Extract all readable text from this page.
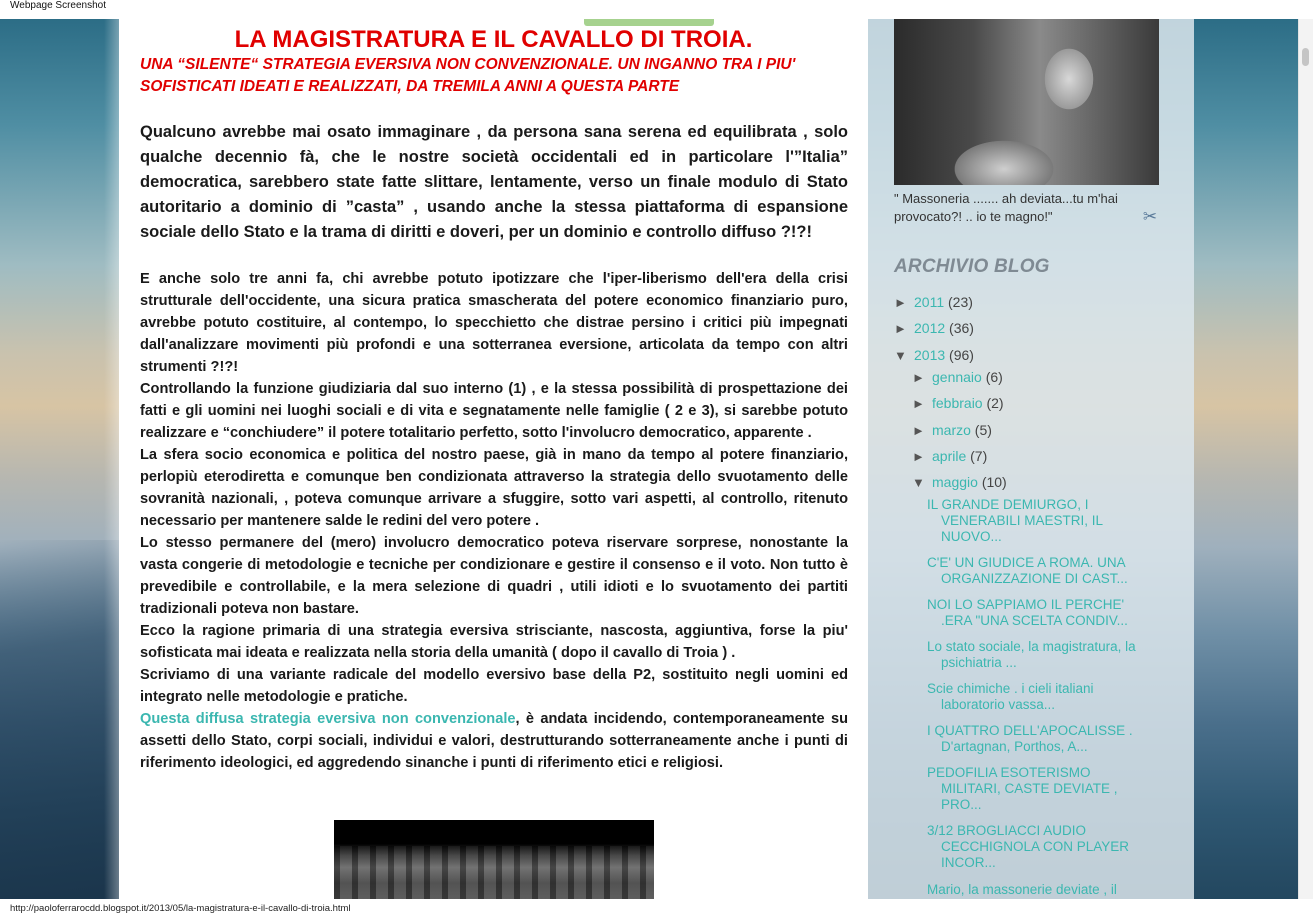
Webpage Screenshot
LA MAGISTRATURA E IL CAVALLO DI TROIA.
UNA “SILENTE“ STRATEGIA EVERSIVA NON CONVENZIONALE. UN INGANNO TRA I PIU' SOFISTICATI IDEATI E REALIZZATI, DA TREMILA ANNI A QUESTA PARTE
Qualcuno avrebbe mai osato immaginare , da persona sana serena ed equilibrata , solo qualche decennio fà, che le nostre società occidentali ed in particolare l'”Italia” democratica, sarebbero state fatte slittare, lentamente, verso un finale modulo di Stato autoritario a dominio di ”casta” , usando anche la stessa piattaforma di espansione sociale dello Stato e la trama di diritti e doveri, per un dominio e controllo diffuso ?!?!

E anche solo tre anni fa, chi avrebbe potuto ipotizzare che l'iper-liberismo dell'era della crisi strutturale dell'occidente, una sicura pratica smascherata del potere economico finanziario puro, avrebbe potuto costituire, al contempo, lo specchietto che distrae persino i critici più impegnati dall'analizzare movimenti più profondi e una sotterranea eversione, articolata da tempo con altri strumenti ?!?!

Controllando la funzione giudiziaria dal suo interno (1) , e la stessa possibilità di prospettazione dei fatti e gli uomini nei luoghi sociali e di vita e segnatamente nelle famiglie ( 2 e 3), si sarebbe potuto realizzare e “conchiudere” il potere totalitario perfetto, sotto l'involucro democratico, apparente .

La sfera socio economica e politica del nostro paese, già in mano da tempo al potere finanziario, perlopiù eterodiretta e comunque ben condizionata attraverso la strategia dello svuotamento delle sovranità nazionali, , poteva comunque arrivare a sfuggire, sotto vari aspetti, al controllo, ritenuto necessario per mantenere salde le redini del vero potere .

Lo stesso permanere del (mero) involucro democratico poteva riservare sorprese, nonostante la vasta congerie di metodologie e tecniche per condizionare e gestire il consenso e il voto. Non tutto è prevedibile e controllabile, e la mera selezione di quadri , utili idioti e lo svuotamento dei partiti tradizionali poteva non bastare.

Ecco la ragione primaria di una strategia eversiva strisciante, nascosta, aggiuntiva, forse la piu' sofisticata mai ideata e realizzata nella storia della umanità ( dopo il cavallo di Troia ) .

Scriviamo di una variante radicale del modello eversivo base della P2, sostituito negli uomini ed integrato nelle metodologie e pratiche.

Questa diffusa strategia eversiva non convenzionale, è andata incidendo, contemporaneamente su assetti dello Stato, corpi sociali, individui e valori, destrutturando sotterraneamente anche i punti di riferimento ideologici, ed aggredendo sinanche i punti di riferimento etici e religiosi.

" Massoneria ....... ah deviata...tu m'hai provocato?! .. io te magno!"	✂
ARCHIVIO BLOG
► 2011 (23)
► 2012 (36)
▼ 2013 (96)
► gennaio (6)
► febbraio (2)
► marzo (5)
► aprile (7)
▼ maggio (10)
IL GRANDE DEMIURGO, I
VENERABILI MAESTRI, IL NUOVO...
C'E' UN GIUDICE A ROMA. UNA
ORGANIZZAZIONE DI CAST...
NOI LO SAPPIAMO IL PERCHE'
.ERA "UNA SCELTA CONDIV...
Lo stato sociale, la magistratura, la
psichiatria ...
Scie chimiche . i cieli italiani
laboratorio vassa...
I QUATTRO DELL'APOCALISSE .
D'artagnan, Porthos, A...
PEDOFILIA ESOTERISMO
MILITARI, CASTE DEVIATE , PRO...
3/12 BROGLIACCI AUDIO
CECCHIGNOLA CON PLAYER INCOR...
Mario, la massonerie deviate , il
http://paoloferrarocdd.blogspot.it/2013/05/la-magistratura-e-il-cavallo-di-troia.html
